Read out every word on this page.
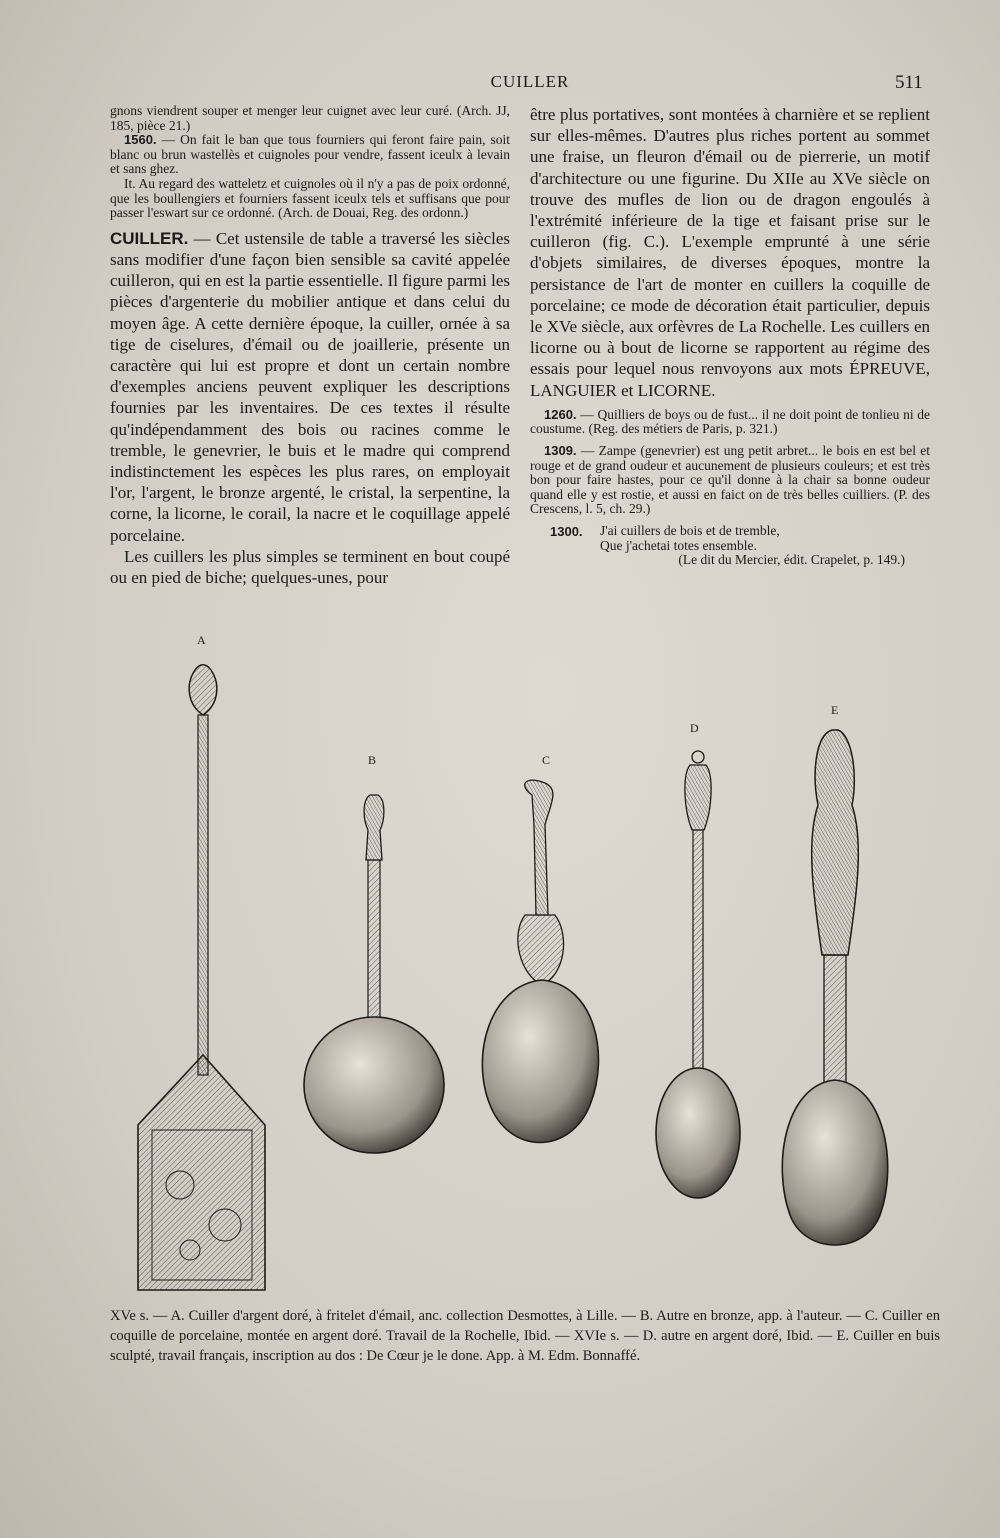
CUILLER	511

gnons viendrent souper et menger leur cuignet avec leur curé. (Arch. JJ, 185, pièce 21.)

1560. — On fait le ban que tous fourniers qui feront faire pain, soit blanc ou brun wastellès et cuignoles pour vendre, fassent iceulx à levain et sans ghez.

It. Au regard des watteletz et cuignoles où il n'y a pas de poix ordonné, que les boullengiers et fourniers fassent iceulx tels et suffisans que pour passer l'eswart sur ce ordonné. (Arch. de Douai, Reg. des ordonn.)

CUILLER. — Cet ustensile de table a traversé les siècles sans modifier d'une façon bien sensible sa cavité appelée cuilleron, qui en est la partie essentielle. Il figure parmi les pièces d'argenterie du mobilier antique et dans celui du moyen âge. A cette dernière époque, la cuiller, ornée à sa tige de ciselures, d'émail ou de joaillerie, présente un caractère qui lui est propre et dont un certain nombre d'exemples anciens peuvent expliquer les descriptions fournies par les inventaires. De ces textes il résulte qu'indépendamment des bois ou racines comme le tremble, le genevrier, le buis et le madre qui comprend indistinctement les espèces les plus rares, on employait l'or, l'argent, le bronze argenté, le cristal, la serpentine, la corne, la licorne, le corail, la nacre et le coquillage appelé porcelaine.

Les cuillers les plus simples se terminent en bout coupé ou en pied de biche; quelques-unes, pour

être plus portatives, sont montées à charnière et se replient sur elles-mêmes. D'autres plus riches portent au sommet une fraise, un fleuron d'émail ou de pierrerie, un motif d'architecture ou une figurine. Du XIIe au XVe siècle on trouve des mufles de lion ou de dragon engoulés à l'extrémité inférieure de la tige et faisant prise sur le cuilleron (fig. C.). L'exemple emprunté à une série d'objets similaires, de diverses époques, montre la persistance de l'art de monter en cuillers la coquille de porcelaine; ce mode de décoration était particulier, depuis le XVe siècle, aux orfèvres de La Rochelle. Les cuillers en licorne ou à bout de licorne se rapportent au régime des essais pour lequel nous renvoyons aux mots ÉPREUVE, LANGUIER et LICORNE.

1260. — Quilliers de boys ou de fust... il ne doit point de tonlieu ni de coustume. (Reg. des métiers de Paris, p. 321.)

1309. — Zampe (genevrier) est ung petit arbret... le bois en est bel et rouge et de grand oudeur et aucunement de plusieurs couleurs; et est très bon pour faire hastes, pour ce qu'il donne à la chair sa bonne oudeur quand elle y est rostie, et aussi en faict on de très belles cuilliers. (P. des Crescens, l. 5, ch. 29.)

1300.	J'ai cuillers de bois et de tremble,

Que j'achetai totes ensemble.

(Le dit du Mercier, édit. Crapelet, p. 149.)

A
B	C
D
E
XVe s. — A. Cuiller d'argent doré, à fritelet d'émail, anc. collection Desmottes, à Lille. — B. Autre en bronze, app. à l'auteur. — C. Cuiller en coquille de porcelaine, montée en argent doré. Travail de la Rochelle, Ibid. — XVIe s. — D. autre en argent doré, Ibid. — E. Cuiller en buis sculpté, travail français, inscription au dos : De Cœur je le done. App. à M. Edm. Bonnaffé.
